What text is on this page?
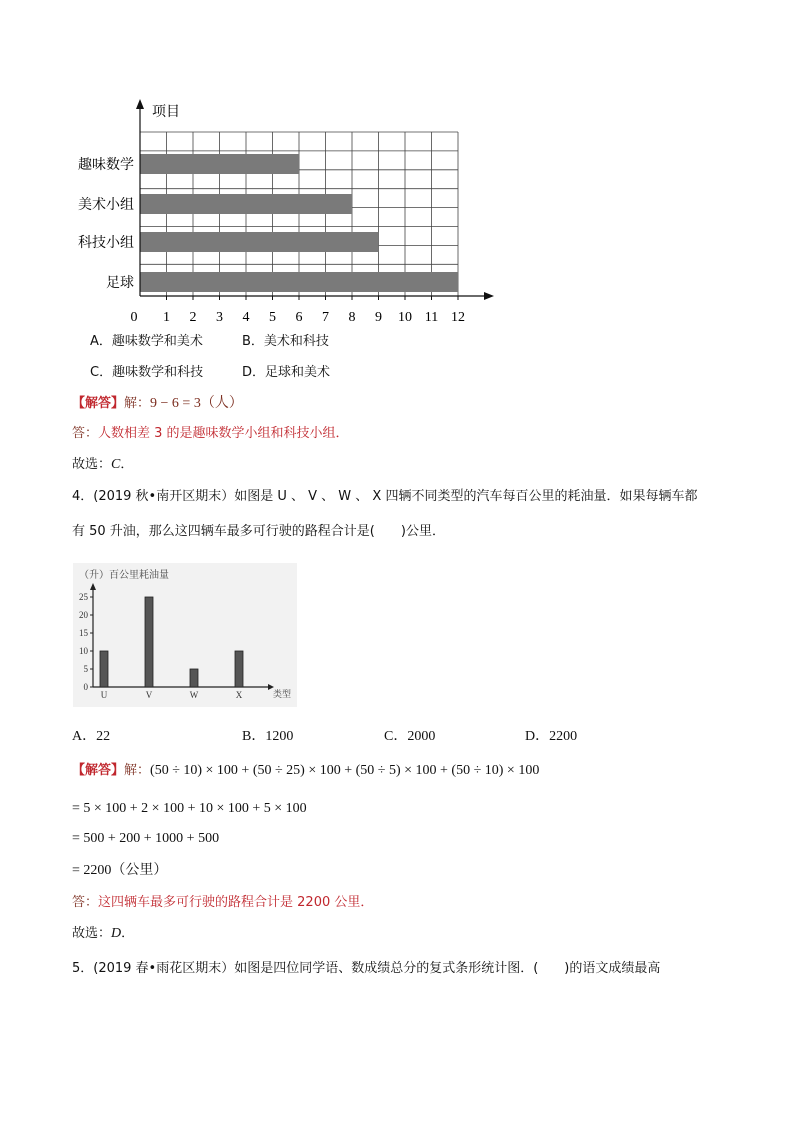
项目
趣味数学
美术小组
科技小组
足球
0 1 2 3 4 5 6 7 8 9 10 11 12
A．趣味数学和美术	B．美术和科技
C．趣味数学和科技	D．足球和美术
【解答】解：9 − 6 = 3（人）
答：人数相差 3 的是趣味数学小组和科技小组．
故选：C．
4．(2019 秋•南开区期末）如图是 U 、 V 、 W 、 X 四辆不同类型的汽车每百公里的耗油量．如果每辆车都
有 50 升油，那么这四辆车最多可行驶的路程合计是(　　)公里．
（升）百公里耗油量
25
20
15
10
5
0
U	V	W	X	类型
A．22	B．1200	C．2000	D．2200
【解答】解：(50 ÷ 10) × 100 + (50 ÷ 25) × 100 + (50 ÷ 5) × 100 + (50 ÷ 10) × 100
= 5 × 100 + 2 × 100 + 10 × 100 + 5 × 100
= 500 + 200 + 1000 + 500
= 2200（公里）
答：这四辆车最多可行驶的路程合计是 2200 公里．
故选：D．
5．(2019 春•雨花区期末）如图是四位同学语、数成绩总分的复式条形统计图．(　　)的语文成绩最高
